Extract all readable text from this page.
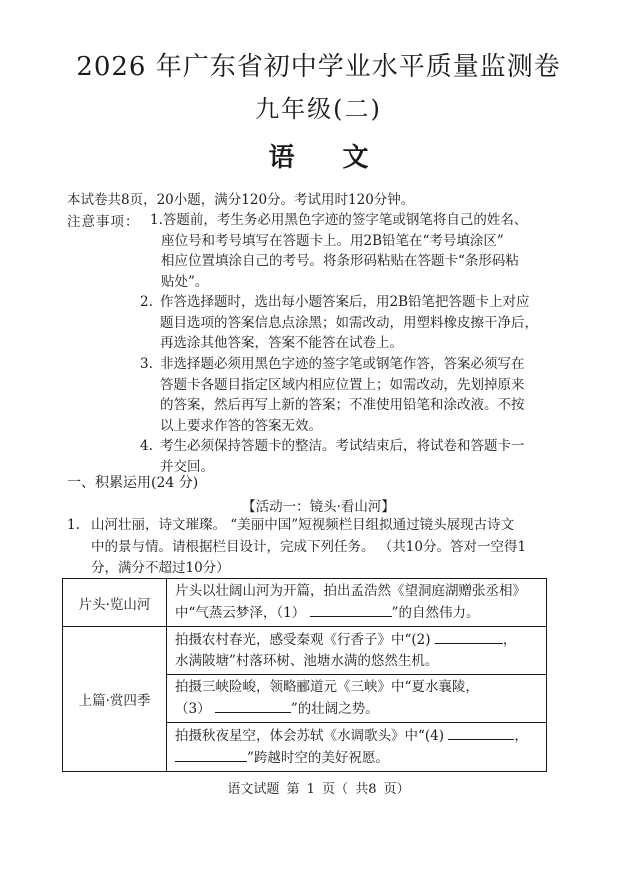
2026 年广东省初中学业水平质量监测卷
九年级(二)
语文
本试卷共8页，20小题，满分120分。考试用时120分钟。
注意事项： 1.答题前，考生务必用黑色字迹的签字笔或钢笔将自己的姓名、
座位号和考号填写在答题卡上。用2B铅笔在“考号填涂区”
相应位置填涂自己的考号。将条形码粘贴在答题卡“条形码粘
贴处”。
2. 作答选择题时，选出每小题答案后，用2B铅笔把答题卡上对应
题目选项的答案信息点涂黑；如需改动，用塑料橡皮擦干净后，
再选涂其他答案，答案不能答在试卷上。
3. 非选择题必须用黑色字迹的签字笔或钢笔作答，答案必须写在
答题卡各题目指定区域内相应位置上；如需改动，先划掉原来
的答案，然后再写上新的答案；不准使用铅笔和涂改液。不按
以上要求作答的答案无效。
4. 考生必须保持答题卡的整洁。考试结束后，将试卷和答题卡一
并交回。
一、积累运用(24 分)
【活动一：镜头·看山河】
1. 山河壮丽，诗文璀璨。 “美丽中国”短视频栏目组拟通过镜头展现古诗文
中的景与情。请根据栏目设计，完成下列任务。 （共10分。答对一空得1
分，满分不超过10分）
片头·览山河	片头以壮阔山河为开篇，拍出孟浩然《望洞庭湖赠张丞相》
中“气蒸云梦泽，（1） ”的自然伟力。
上篇·赏四季	拍摄农村春光，感受秦观《行香子》中“(2) ，
水满陂塘”村落环树、池塘水满的悠然生机。
	拍摄三峡险峻，领略郦道元《三峡》中“夏水襄陵，
（3） ”的壮阔之势。
	拍摄秋夜星空，体会苏轼《水调歌头》中“(4) ，
”跨越时空的美好祝愿。
语文试题 第 1 页（ 共8 页）
